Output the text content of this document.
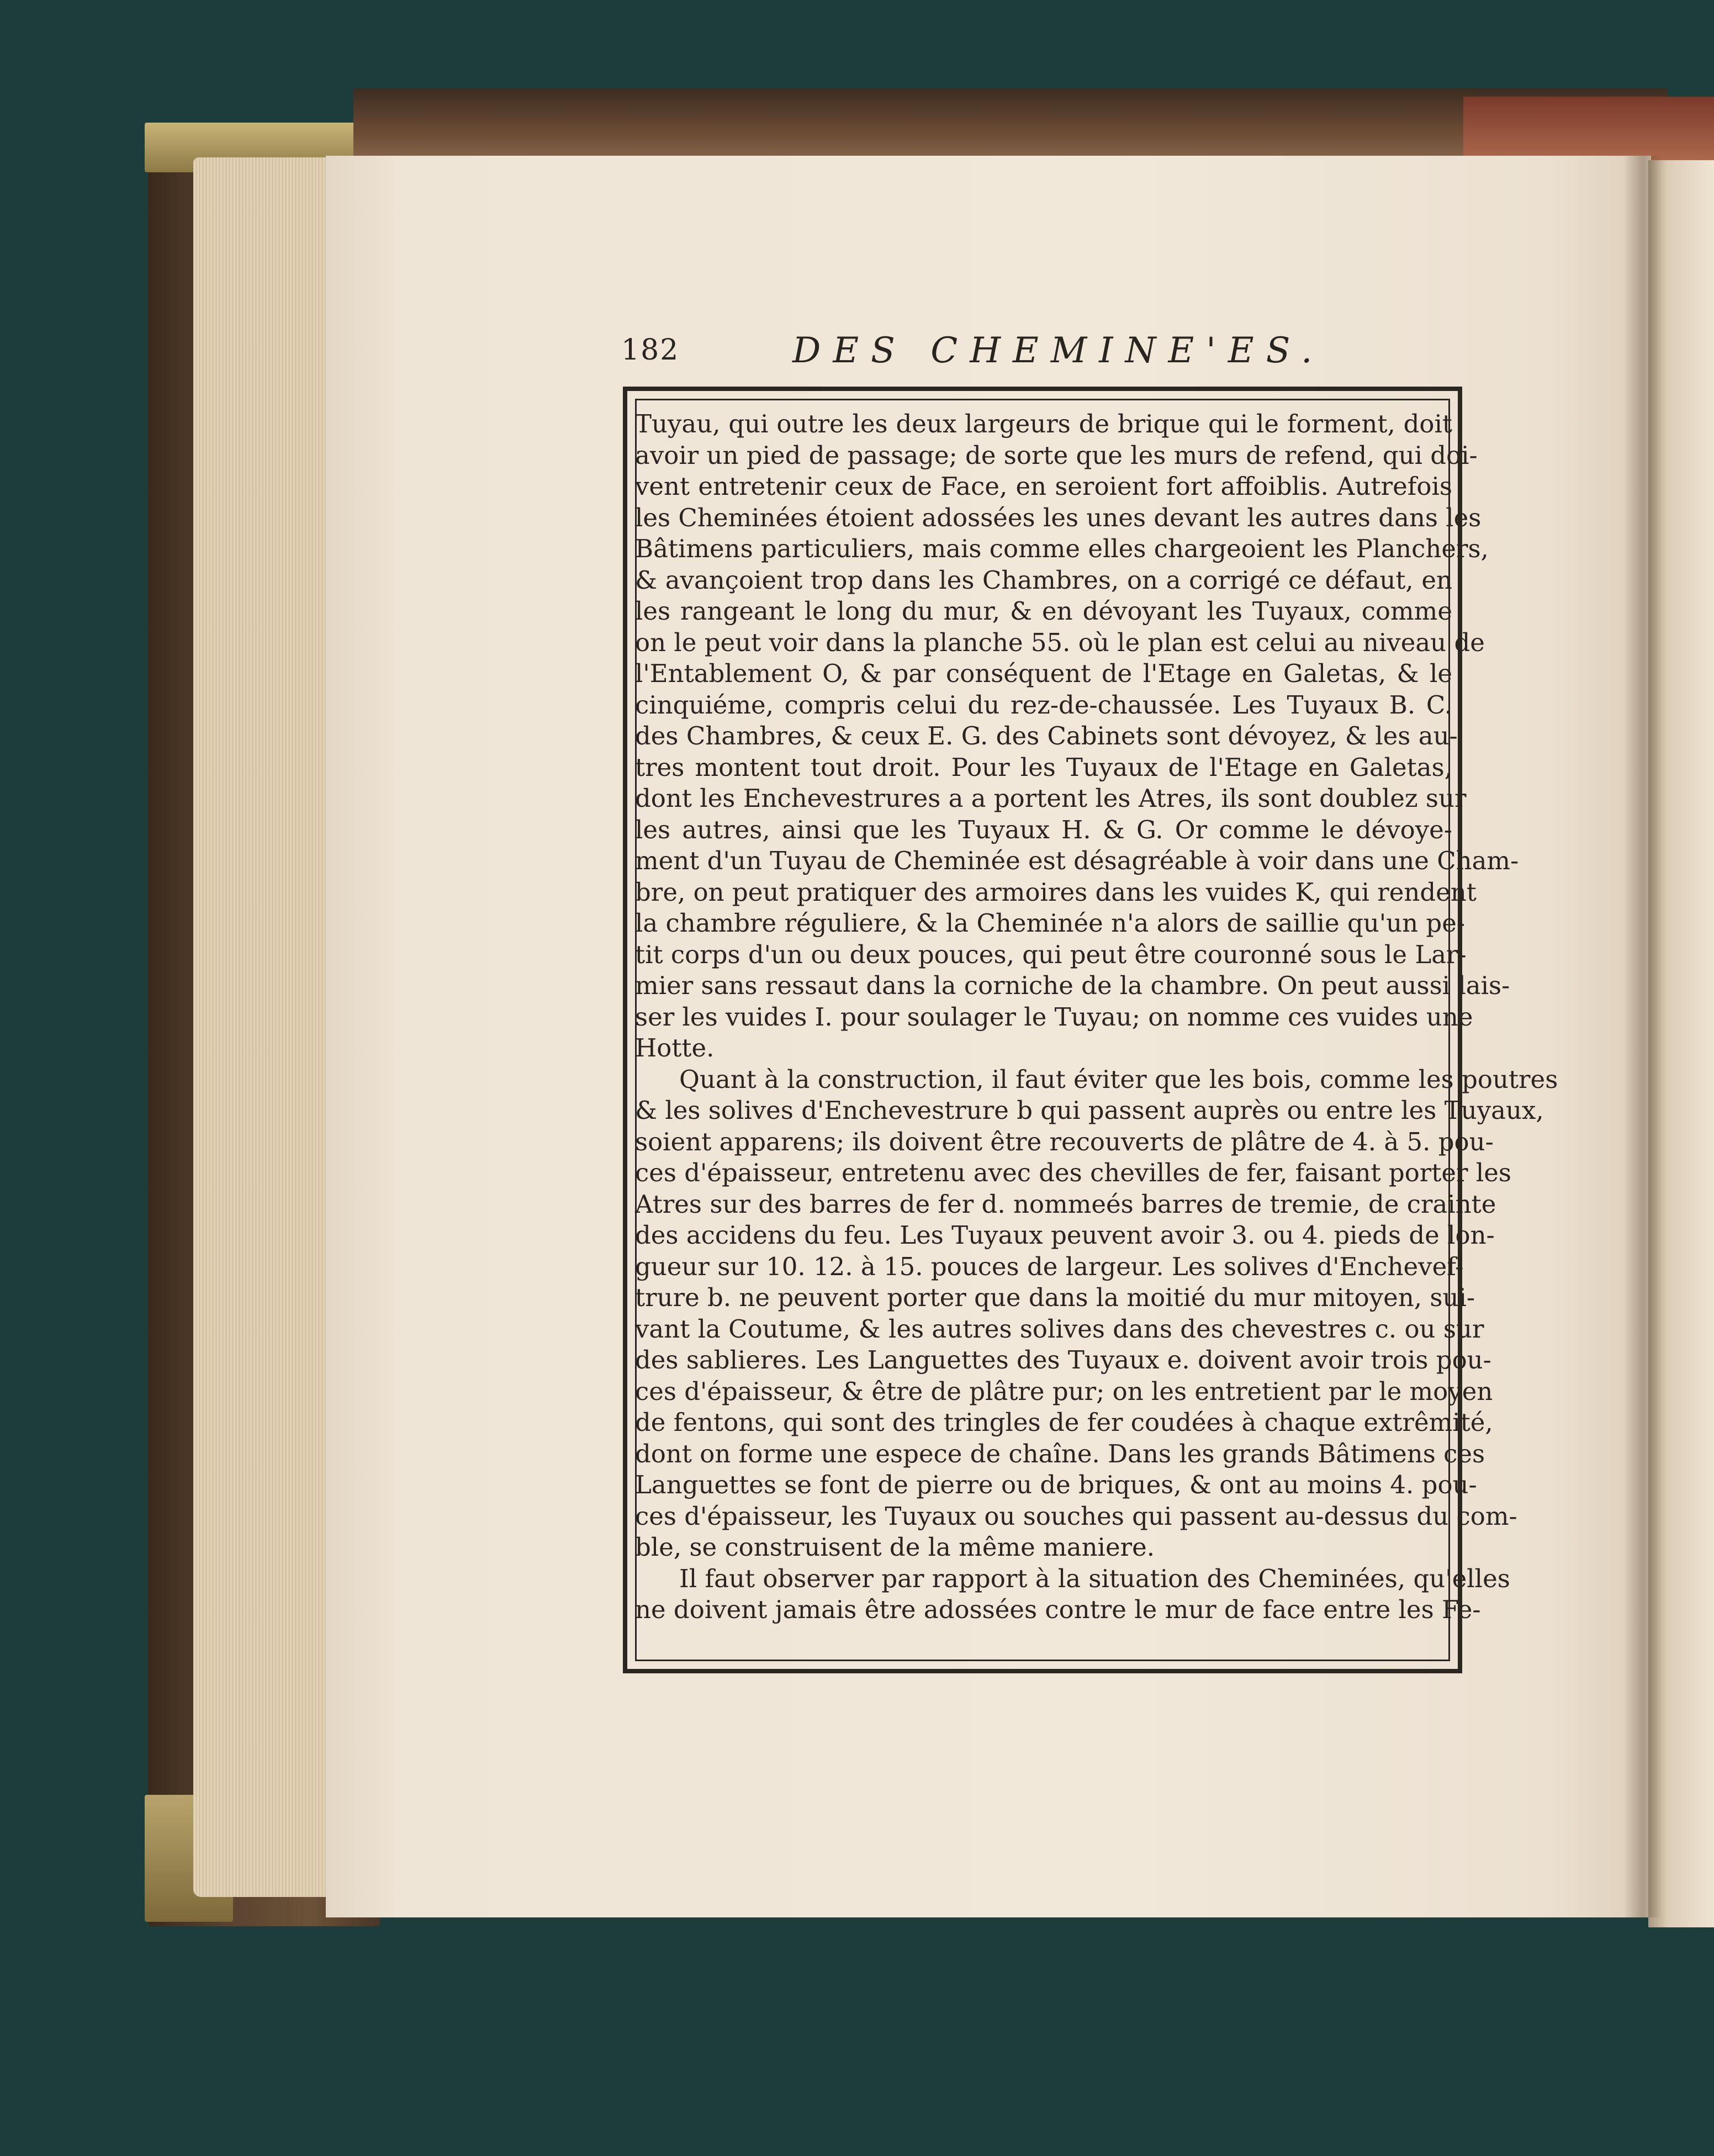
182	DES CHEMINE'ES.
Tuyau, qui outre les deux largeurs de brique qui le forment, doit
avoir un pied de passage; de sorte que les murs de refend, qui doi-
vent entretenir ceux de Face, en seroient fort affoiblis. Autrefois
les Cheminées étoient adossées les unes devant les autres dans les
Bâtimens particuliers, mais comme elles chargeoient les Planchers,
& avançoient trop dans les Chambres, on a corrigé ce défaut, en
les rangeant le long du mur, & en dévoyant les Tuyaux, comme
on le peut voir dans la planche 55. où le plan est celui au niveau de
l'Entablement O, & par conséquent de l'Etage en Galetas, & le
cinquiéme, compris celui du rez-de-chaussée. Les Tuyaux B. C.
des Chambres, & ceux E. G. des Cabinets sont dévoyez, & les au-
tres montent tout droit. Pour les Tuyaux de l'Etage en Galetas,
dont les Enchevestrures a a portent les Atres, ils sont doublez sur
les autres, ainsi que les Tuyaux H. & G. Or comme le dévoye-
ment d'un Tuyau de Cheminée est désagréable à voir dans une Cham-
bre, on peut pratiquer des armoires dans les vuides K, qui rendent
la chambre réguliere, & la Cheminée n'a alors de saillie qu'un pe-
tit corps d'un ou deux pouces, qui peut être couronné sous le Lar-
mier sans ressaut dans la corniche de la chambre. On peut aussi lais-
ser les vuides I. pour soulager le Tuyau; on nomme ces vuides une
Hotte.
Quant à la construction, il faut éviter que les bois, comme les poutres
& les solives d'Enchevestrure b qui passent auprès ou entre les Tuyaux,
soient apparens; ils doivent être recouverts de plâtre de 4. à 5. pou-
ces d'épaisseur, entretenu avec des chevilles de fer, faisant porter les
Atres sur des barres de fer d. nommeés barres de tremie, de crainte
des accidens du feu. Les Tuyaux peuvent avoir 3. ou 4. pieds de lon-
gueur sur 10. 12. à 15. pouces de largeur. Les solives d'Enchevef-
trure b. ne peuvent porter que dans la moitié du mur mitoyen, sui-
vant la Coutume, & les autres solives dans des chevestres c. ou sur
des sablieres. Les Languettes des Tuyaux e. doivent avoir trois pou-
ces d'épaisseur, & être de plâtre pur; on les entretient par le moyen
de fentons, qui sont des tringles de fer coudées à chaque extrêmité,
dont on forme une espece de chaîne. Dans les grands Bâtimens ces
Languettes se font de pierre ou de briques, & ont au moins 4. pou-
ces d'épaisseur, les Tuyaux ou souches qui passent au-dessus du com-
ble, se construisent de la même maniere.
Il faut observer par rapport à la situation des Cheminées, qu'elles
ne doivent jamais être adossées contre le mur de face entre les Fe-
